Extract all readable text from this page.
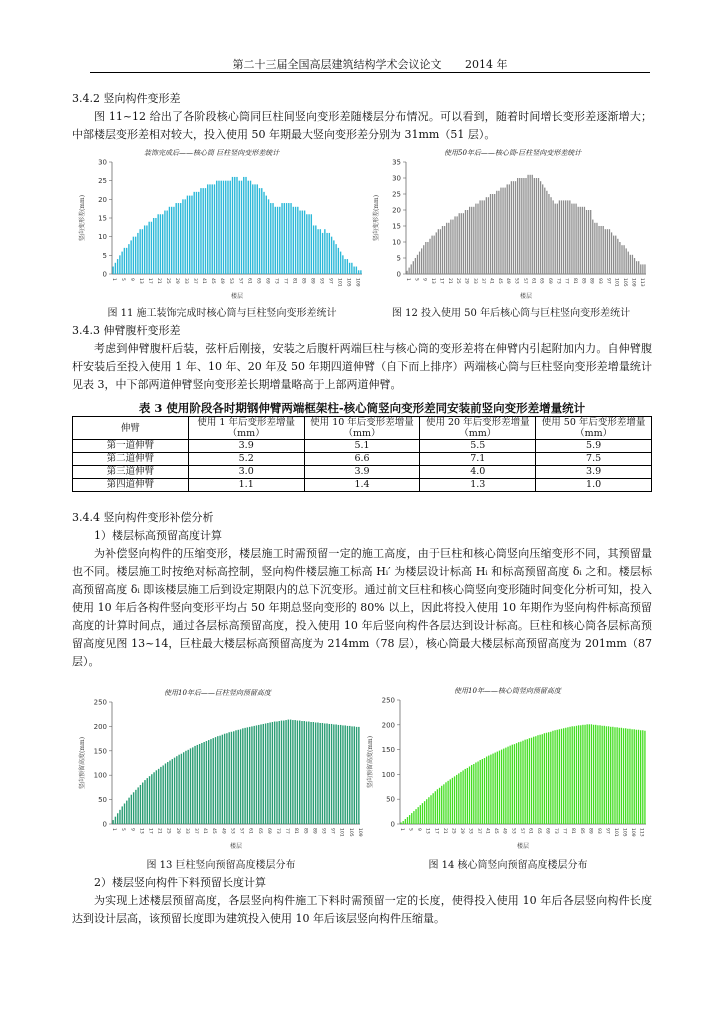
第二十三届全国高层建筑结构学术会议论文 2014 年
3.4.2 竖向构件变形差
图 11~12 给出了各阶段核心筒同巨柱间竖向变形差随楼层分布情况。可以看到，随着时间增长变形差逐渐增大；中部楼层变形差相对较大，投入使用 50 年期最大竖向变形差分别为 31mm（51 层）。
0
5
10
15
20
25
30
1 5 9 13 17 21 25 29 33 37 41 45 49 53 57 61 65 69 73 77 81 85 89 93 97 101 105 109
楼层
竖向变形差(mm)
装饰完成后——核心筒 巨柱竖向变形差统计
图 11 施工装饰完成时核心筒与巨柱竖向变形差统计
0
5
10
15
20
25
30
35
1 5 9 13 17 21 25 29 33 37 41 45 49 53 57 61 65 69 73 77 81 85 89 93 97 101 105 109 113
楼层
竖向变形差(mm)
使用50年后——核心筒-巨柱竖向变形差统计
图 12 投入使用 50 年后核心筒与巨柱竖向变形差统计
3.4.3 伸臂腹杆变形差
考虑到伸臂腹杆后装，弦杆后刚接，安装之后腹杆两端巨柱与核心筒的变形差将在伸臂内引起附加内力。自伸臂腹杆安装后至投入使用 1 年、10 年、20 年及 50 年期四道伸臂（自下而上排序）两端核心筒与巨柱竖向变形差增量统计见表 3，中下部两道伸臂竖向变形差长期增量略高于上部两道伸臂。
表 3 使用阶段各时期钢伸臂两端框架柱-核心筒竖向变形差同安装前竖向变形差增量统计
伸臂	使用 1 年后变形差增量（mm）	使用 10 年后变形差增量（mm）	使用 20 年后变形差增量（mm）	使用 50 年后变形差增量（mm）
第一道伸臂	3.9	5.1	5.5	5.9
第二道伸臂	5.2	6.6	7.1	7.5
第三道伸臂	3.0	3.9	4.0	3.9
第四道伸臂	1.1	1.4	1.3	1.0
3.4.4 竖向构件变形补偿分析
1）楼层标高预留高度计算
为补偿竖向构件的压缩变形，楼层施工时需预留一定的施工高度，由于巨柱和核心筒竖向压缩变形不同，其预留量也不同。楼层施工时按绝对标高控制，竖向构件楼层施工标高 Hᵢ′ 为楼层设计标高 Hᵢ 和标高预留高度 δᵢ 之和。楼层标高预留高度 δᵢ 即该楼层施工后到设定期限内的总下沉变形。通过前文巨柱和核心筒竖向变形随时间变化分析可知，投入使用 10 年后各构件竖向变形平均占 50 年期总竖向变形的 80% 以上，因此将投入使用 10 年期作为竖向构件标高预留高度的计算时间点，通过各层标高预留高度，投入使用 10 年后竖向构件各层达到设计标高。巨柱和核心筒各层标高预留高度见图 13~14，巨柱最大楼层标高预留高度为 214mm（78 层），核心筒最大楼层标高预留高度为 201mm（87 层）。
0
50
100
150
200
250
1 5 9 13 17 21 25 29 33 37 41 45 49 53 57 61 65 69 73 77 81 85 89 93 97 101 105 109
楼层
竖向预留高度(mm)
使用10年后——巨柱竖向预留高度
图 13 巨柱竖向预留高度楼层分布
0
50
100
150
200
250
1 5 9 13 17 21 25 29 33 37 41 45 49 53 57 61 65 69 73 77 81 85 89 93 97 101 105 109 113
楼层
竖向预留高度(mm)
使用10年——核心筒竖向预留高度
图 14 核心筒竖向预留高度楼层分布
2）楼层竖向构件下料预留长度计算
为实现上述楼层预留高度，各层竖向构件施工下料时需预留一定的长度，使得投入使用 10 年后各层竖向构件长度达到设计层高，该预留长度即为建筑投入使用 10 年后该层竖向构件压缩量。
